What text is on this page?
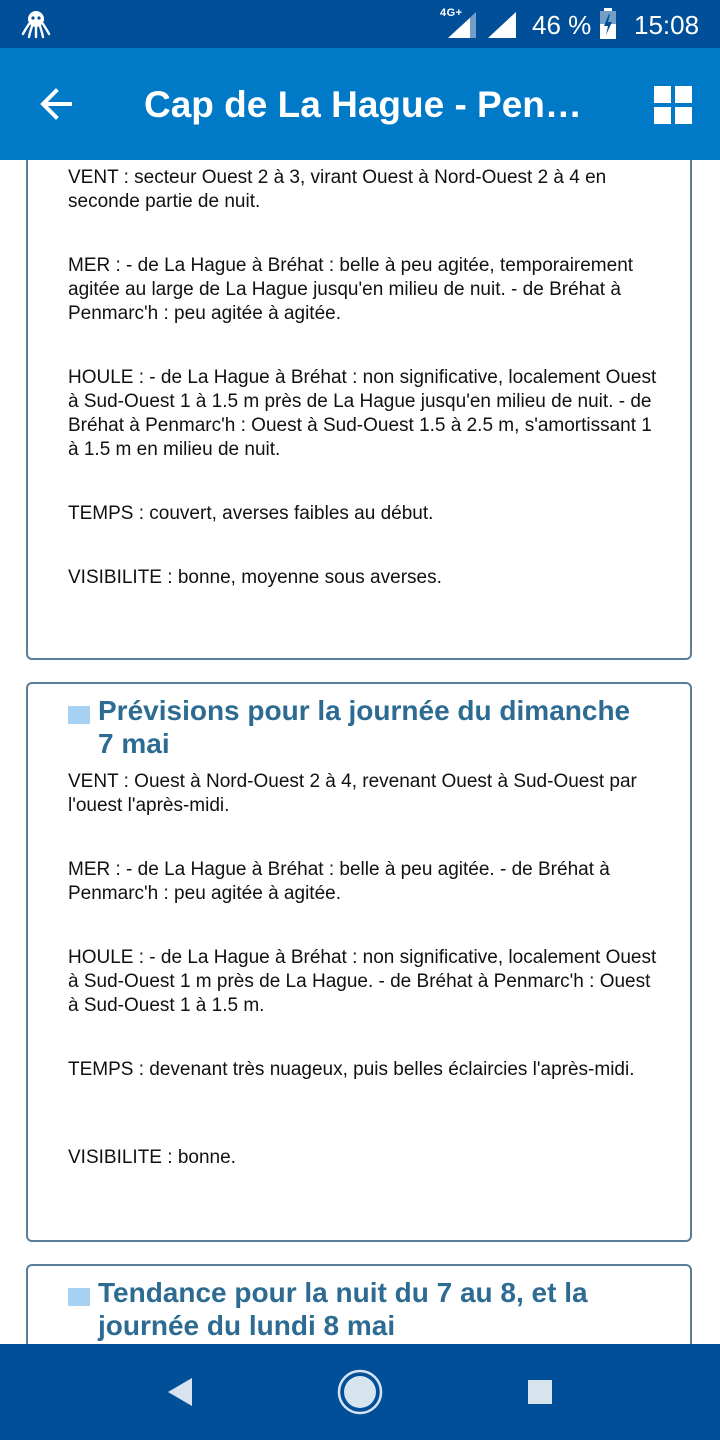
4G+	46 % 15:08
Cap de La Hague - Pen…

VENT : secteur Ouest 2 à 3, virant Ouest à Nord-Ouest 2 à 4 en seconde partie de nuit.

MER : - de La Hague à Bréhat : belle à peu agitée, temporairement agitée au large de La Hague jusqu'en milieu de nuit. - de Bréhat à Penmarc'h : peu agitée à agitée.

HOULE : - de La Hague à Bréhat : non significative, localement Ouest à Sud-Ouest 1 à 1.5 m près de La Hague jusqu'en milieu de nuit. - de Bréhat à Penmarc'h : Ouest à Sud-Ouest 1.5 à 2.5 m, s'amortissant 1 à 1.5 m en milieu de nuit.

TEMPS : couvert, averses faibles au début.

VISIBILITE : bonne, moyenne sous averses.

Prévisions pour la journée du dimanche 7 mai

VENT : Ouest à Nord-Ouest 2 à 4, revenant Ouest à Sud-Ouest par l'ouest l'après-midi.

MER : - de La Hague à Bréhat : belle à peu agitée. - de Bréhat à Penmarc'h : peu agitée à agitée.

HOULE : - de La Hague à Bréhat : non significative, localement Ouest à Sud-Ouest 1 m près de La Hague. - de Bréhat à Penmarc'h : Ouest à Sud-Ouest 1 à 1.5 m.

TEMPS : devenant très nuageux, puis belles éclaircies l'après-midi.

VISIBILITE : bonne.

Tendance pour la nuit du 7 au 8, et la journée du lundi 8 mai
